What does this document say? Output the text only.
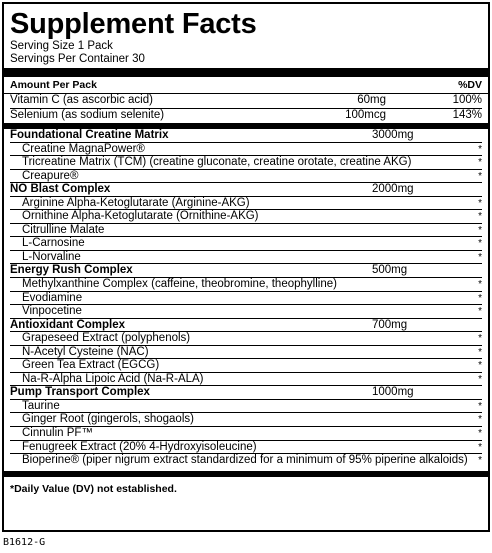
Supplement Facts
Serving Size 1 Pack
Servings Per Container 30
Amount Per Pack	%DV
Vitamin C (as ascorbic acid)	60mg	100%
Selenium (as sodium selenite)	100mcg	143%
Foundational Creatine Matrix	3000mg
Creatine MagnaPower®	*
Tricreatine Matrix (TCM) (creatine gluconate, creatine orotate, creatine AKG)	*
Creapure®	*
NO Blast Complex	2000mg
Arginine Alpha-Ketoglutarate (Arginine-AKG)	*
Ornithine Alpha-Ketoglutarate (Ornithine-AKG)	*
Citrulline Malate	*
L-Carnosine	*
L-Norvaline	*
Energy Rush Complex	500mg
Methylxanthine Complex (caffeine, theobromine, theophylline)	*
Evodiamine	*
Vinpocetine	*
Antioxidant Complex	700mg
Grapeseed Extract (polyphenols)	*
N-Acetyl Cysteine (NAC)	*
Green Tea Extract (EGCG)	*
Na-R-Alpha Lipoic Acid (Na-R-ALA)	*
Pump Transport Complex	1000mg
Taurine	*
Ginger Root (gingerols, shogaols)	*
Cinnulin PF™	*
Fenugreek Extract (20% 4-Hydroxyisoleucine)	*
Bioperine® (piper nigrum extract standardized for a minimum of 95% piperine alkaloids) *
*Daily Value (DV) not established.
B1612-G
